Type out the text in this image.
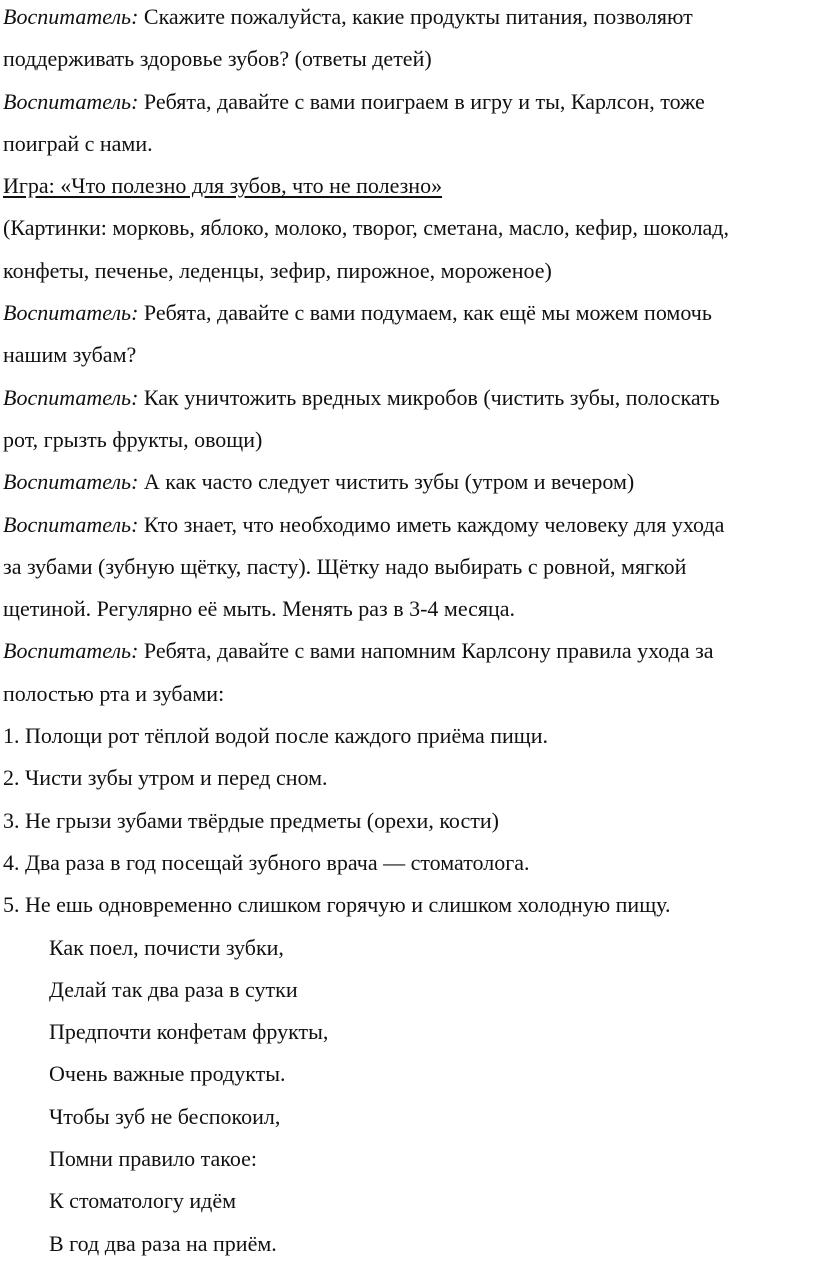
Воспитатель: Скажите пожалуйста, какие продукты питания, позволяют

поддерживать здоровье зубов? (ответы детей)

Воспитатель: Ребята, давайте с вами поиграем в игру и ты, Карлсон, тоже

поиграй с нами.

Игра: «Что полезно для зубов, что не полезно»

(Картинки: морковь, яблоко, молоко, творог, сметана, масло, кефир, шоколад,

конфеты, печенье, леденцы, зефир, пирожное, мороженое)

Воспитатель: Ребята, давайте с вами подумаем, как ещё мы можем помочь

нашим зубам?

Воспитатель: Как уничтожить вредных микробов (чистить зубы, полоскать

рот, грызть фрукты, овощи)

Воспитатель: А как часто следует чистить зубы (утром и вечером)

Воспитатель: Кто знает, что необходимо иметь каждому человеку для ухода

за зубами (зубную щётку, пасту). Щётку надо выбирать с ровной, мягкой

щетиной. Регулярно её мыть. Менять раз в 3-4 месяца.

Воспитатель: Ребята, давайте с вами напомним Карлсону правила ухода за

полостью рта и зубами:

1. Полощи рот тёплой водой после каждого приёма пищи.

2. Чисти зубы утром и перед сном.

3. Не грызи зубами твёрдые предметы (орехи, кости)

4. Два раза в год посещай зубного врача — стоматолога.

5. Не ешь одновременно слишком горячую и слишком холодную пищу.

Как поел, почисти зубки,

Делай так два раза в сутки

Предпочти конфетам фрукты,

Очень важные продукты.

Чтобы зуб не беспокоил,

Помни правило такое:

К стоматологу идём

В год два раза на приём.
